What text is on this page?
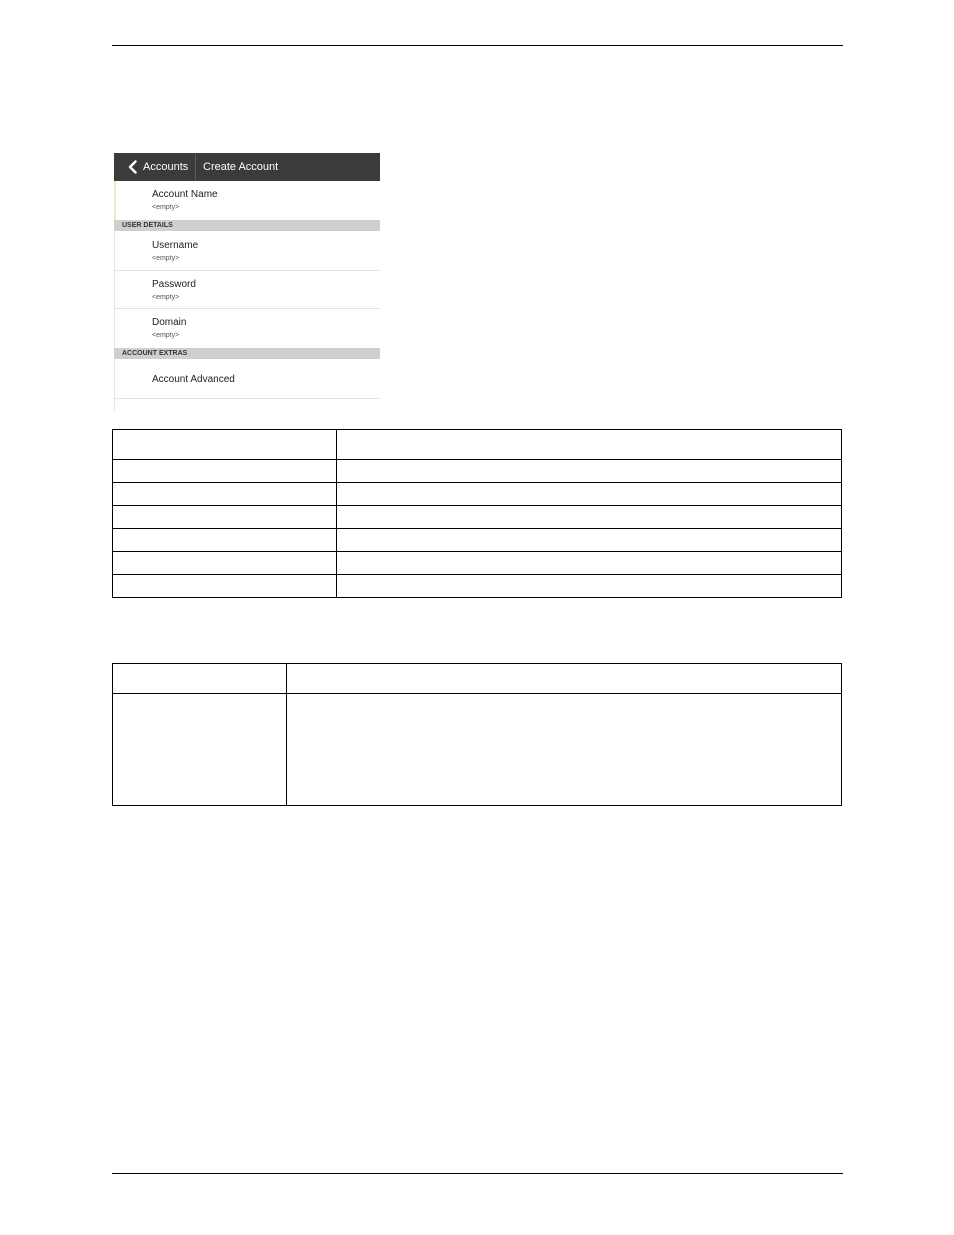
Accounts Create Account
Account Name
<empty>
USER DETAILS
Username
<empty>
Password
<empty>
Domain
<empty>
ACCOUNT EXTRAS
Account Advanced
